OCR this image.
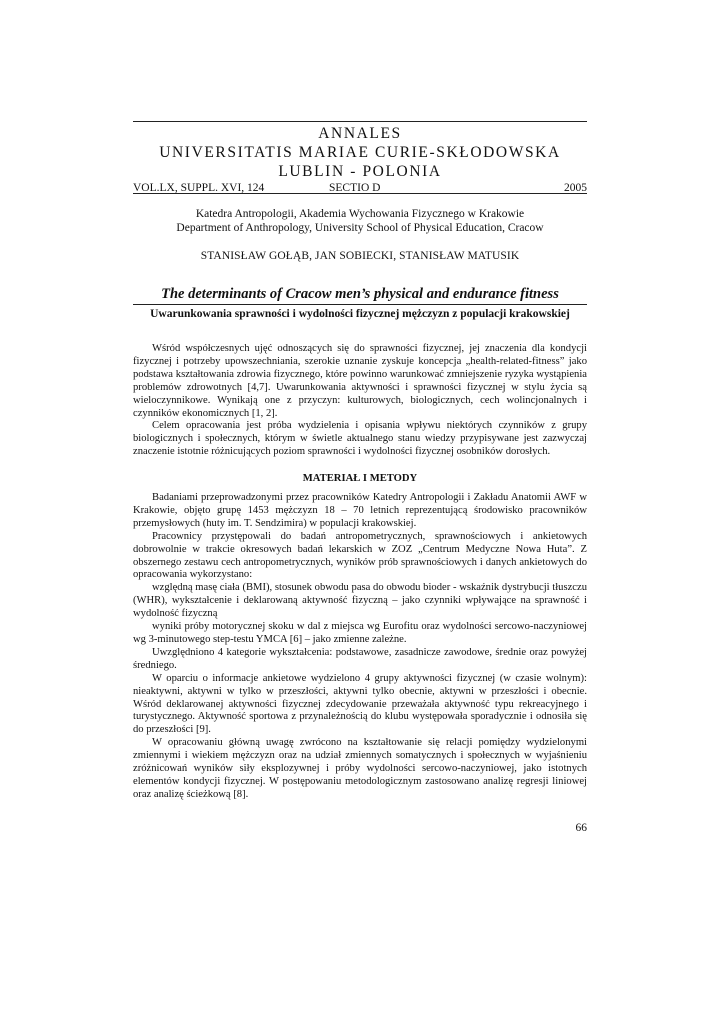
ANNALES
UNIVERSITATIS MARIAE CURIE-SKŁODOWSKA
LUBLIN - POLONIA
VOL.LX, SUPPL. XVI, 124	SECTIO D	2005
Katedra Antropologii, Akademia Wychowania Fizycznego w Krakowie
Department of Anthropology, University School of Physical Education, Cracow
STANISŁAW GOŁĄB, JAN SOBIECKI, STANISŁAW MATUSIK
The determinants of Cracow men’s physical and endurance fitness
Uwarunkowania sprawności i wydolności fizycznej mężczyzn z populacji krakowskiej

Wśród współczesnych ujęć odnoszących się do sprawności fizycznej, jej znaczenia dla kondycji fizycznej i potrzeby upowszechniania, szerokie uznanie zyskuje koncepcja „health-related-fitness” jako podstawa kształtowania zdrowia fizycznego, które powinno warunkować zmniejszenie ryzyka wystąpienia problemów zdrowotnych [4,7]. Uwarunkowania aktywności i sprawności fizycznej w stylu życia są wieloczynnikowe. Wynikają one z przyczyn: kulturowych, biologicznych, cech wolincjonalnych i czynników ekonomicznych [1, 2].

Celem opracowania jest próba wydzielenia i opisania wpływu niektórych czynników z grupy biologicznych i społecznych, którym w świetle aktualnego stanu wiedzy przypisywane jest zazwyczaj znaczenie istotnie różnicujących poziom sprawności i wydolności fizycznej osobników dorosłych.

MATERIAŁ I METODY

Badaniami przeprowadzonymi przez pracowników Katedry Antropologii i Zakładu Anatomii AWF w Krakowie, objęto grupę 1453 mężczyzn 18 – 70 letnich reprezentującą środowisko pracowników przemysłowych (huty im. T. Sendzimira) w populacji krakowskiej.

Pracownicy przystępowali do badań antropometrycznych, sprawnościowych i ankietowych dobrowolnie w trakcie okresowych badań lekarskich w ZOZ „Centrum Medyczne Nowa Huta”. Z obszernego zestawu cech antropometrycznych, wyników prób sprawnościowych i danych ankietowych do opracowania wykorzystano:

względną masę ciała (BMI), stosunek obwodu pasa do obwodu bioder - wskaźnik dystrybucji tłuszczu (WHR), wykształcenie i deklarowaną aktywność fizyczną – jako czynniki wpływające na sprawność i wydolność fizyczną

wyniki próby motorycznej skoku w dal z miejsca wg Eurofitu oraz wydolności sercowo-naczyniowej wg 3-minutowego step-testu YMCA [6] – jako zmienne zależne.

Uwzględniono 4 kategorie wykształcenia: podstawowe, zasadnicze zawodowe, średnie oraz powyżej średniego.

W oparciu o informacje ankietowe wydzielono 4 grupy aktywności fizycznej (w czasie wolnym): nieaktywni, aktywni w tylko w przeszłości, aktywni tylko obecnie, aktywni w przeszłości i obecnie. Wśród deklarowanej aktywności fizycznej zdecydowanie przeważała aktywność typu rekreacyjnego i turystycznego. Aktywność sportowa z przynależnością do klubu występowała sporadycznie i odnosiła się do przeszłości [9].

W opracowaniu główną uwagę zwrócono na kształtowanie się relacji pomiędzy wydzielonymi zmiennymi i wiekiem mężczyzn oraz na udział zmiennych somatycznych i społecznych w wyjaśnieniu zróżnicowań wyników siły eksplozywnej i próby wydolności sercowo-naczyniowej, jako istotnych elementów kondycji fizycznej. W postępowaniu metodologicznym zastosowano analizę regresji liniowej oraz analizę ścieżkową [8].

66
